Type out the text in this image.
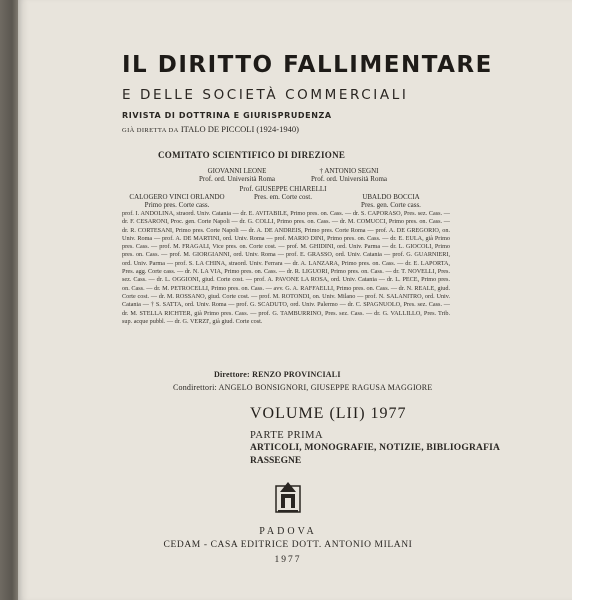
IL DIRITTO FALLIMENTARE
E DELLE SOCIETÀ COMMERCIALI
RIVISTA DI DOTTRINA E GIURISPRUDENZA
GIÀ DIRETTA DA ITALO DE PICCOLI (1924-1940)
COMITATO SCIENTIFICO DI DIREZIONE
GIOVANNI LEONE
Prof. ord. Università Roma
† ANTONIO SEGNI
Prof. ord. Università Roma
Prof. GIUSEPPE CHIARELLI
Pres. em. Corte cost.
CALOGERO VINCI ORLANDO
Primo pres. Corte cass.
UBALDO BOCCIA
Pres. gen. Corte cass.
prof. I. ANDOLINA, straord. Univ. Catania — dr. E. AVITABILE, Primo pres. on. Cass. — dr. S. CAPORASO, Pres. sez. Cass. — dr. F. CESARONI, Proc. gen. Corte Napoli — dr. G. COLLI, Primo pres. on. Cass. — dr. M. COMUCCI, Primo pres. on. Cass. — dr. R. CORTESANI, Primo pres. Corte Napoli — dr. A. DE ANDREIS, Primo pres. Corte Roma — prof. A. DE GREGORIO, on. Univ. Roma — prof. A. DE MARTINI, ord. Univ. Roma — prof. MARIO DINI, Primo pres. on. Cass. — dr. E. EULA, già Primo pres. Cass. — prof. M. FRAGALI, Vice pres. on. Corte cost. — prof. M. GHIDINI, ord. Univ. Parma — dr. L. GIOCOLI, Primo pres. on. Cass. — prof. M. GIORGIANNI, ord. Univ. Roma — prof. E. GRASSO, ord. Univ. Catania — prof. G. GUARNIERI, ord. Univ. Parma — prof. S. LA CHINA, straord. Univ. Ferrara — dr. A. LANZARA, Primo pres. on. Cass. — dr. E. LAPORTA, Pres. agg. Corte cass. — dr. N. LA VIA, Primo pres. on. Cass. — dr. R. LIGUORI, Primo pres. on. Cass. — dr. T. NOVELLI, Pres. sez. Cass. — dr. L. OGGIONI, giud. Corte cost. — prof. A. PAVONE LA ROSA, ord. Univ. Catania — dr. L. PECE, Primo pres. on. Cass. — dr. M. PETROCELLI, Primo pres. on. Cass. — avv. G. A. RAFFAELLI, Primo pres. on. Cass. — dr. N. REALE, giud. Corte cost. — dr. M. ROSSANO, giud. Corte cost. — prof. M. ROTONDI, on. Univ. Milano — prof. N. SALANITRO, ord. Univ. Catania — † S. SATTA, ord. Univ. Roma — prof. G. SCADUTO, ord. Univ. Palermo — dr. C. SPAGNUOLO, Pres. sez. Cass. — dr. M. STELLA RICHTER, già Primo pres. Cass. — prof. G. TAMBURRINO, Pres. sez. Cass. — dr. G. VALLILLO, Pres. Trib. sup. acque pubbl. — dr. G. VERZI', già giud. Corte cost.
Direttore: RENZO PROVINCIALI
Condirettori: ANGELO BONSIGNORI, GIUSEPPE RAGUSA MAGGIORE
VOLUME (LII) 1977
PARTE PRIMA
ARTICOLI, MONOGRAFIE, NOTIZIE, BIBLIOGRAFIA
RASSEGNE
PADOVA
CEDAM - CASA EDITRICE DOTT. ANTONIO MILANI
1977
